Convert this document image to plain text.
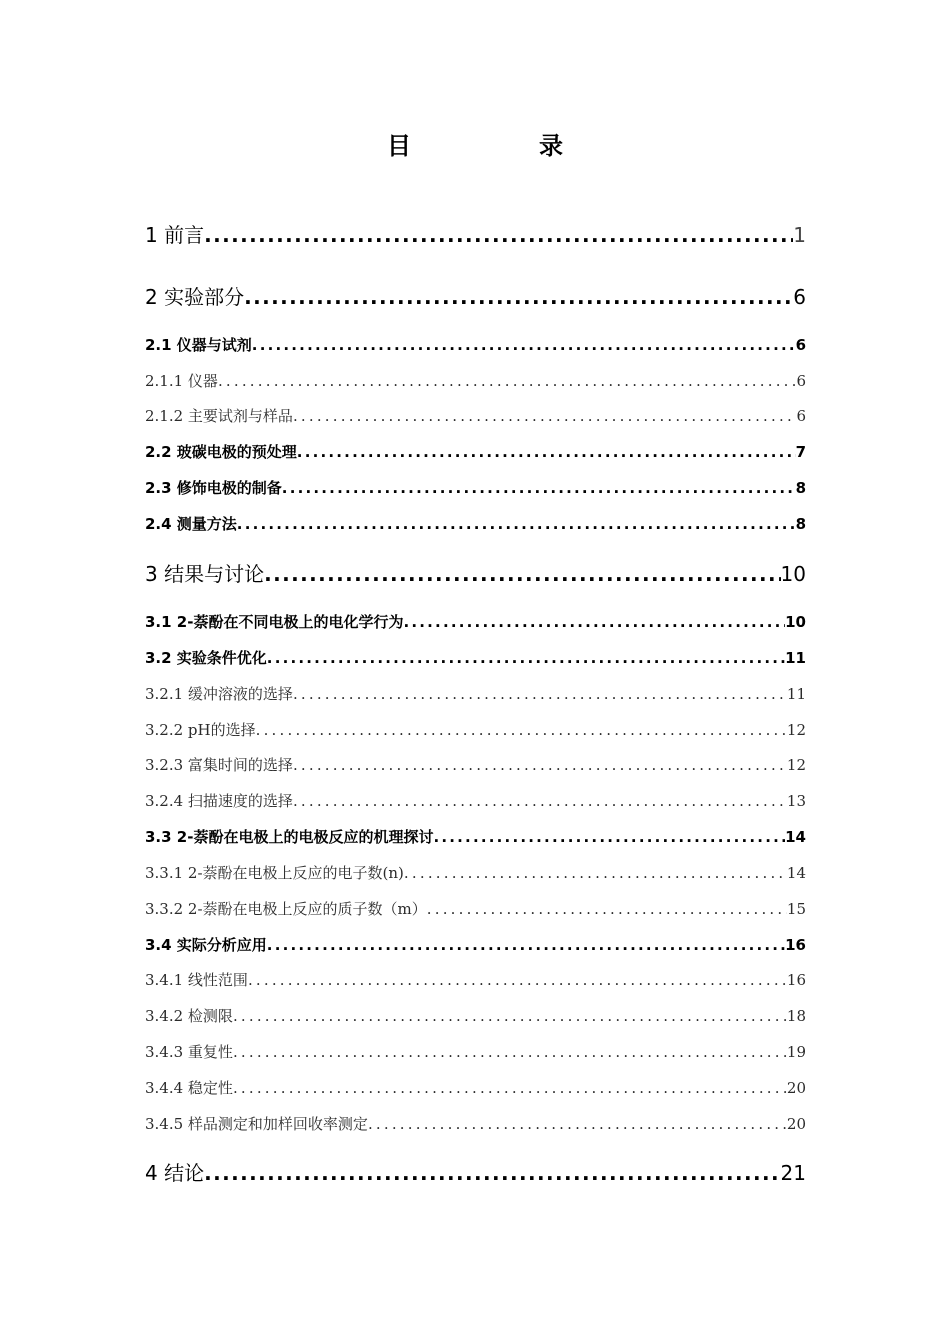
目　录
1 前言 .....	1
2 实验部分 .....	6
2.1 仪器与试剂 .....	6
2.1.1 仪器 .....	6
2.1.2 主要试剂与样品 .....	6
2.2 玻碳电极的预处理 .....	7
2.3 修饰电极的制备 .....	8
2.4 测量方法 .....	8
3 结果与讨论 .....	10
3.1 2-萘酚在不同电极上的电化学行为 .....	10
3.2 实验条件优化 .....	11
3.2.1 缓冲溶液的选择 .....	11
3.2.2 pH的选择 .....	12
3.2.3 富集时间的选择 .....	12
3.2.4 扫描速度的选择 .....	13
3.3 2-萘酚在电极上的电极反应的机理探讨 .....	14
3.3.1 2-萘酚在电极上反应的电子数(n) .....	14
3.3.2 2-萘酚在电极上反应的质子数（m） .....	15
3.4 实际分析应用 .....	16
3.4.1 线性范围 .....	16
3.4.2 检测限 .....	18
3.4.3 重复性 .....	19
3.4.4 稳定性 .....	20
3.4.5 样品测定和加样回收率测定 .....	20
4 结论 .....	21
